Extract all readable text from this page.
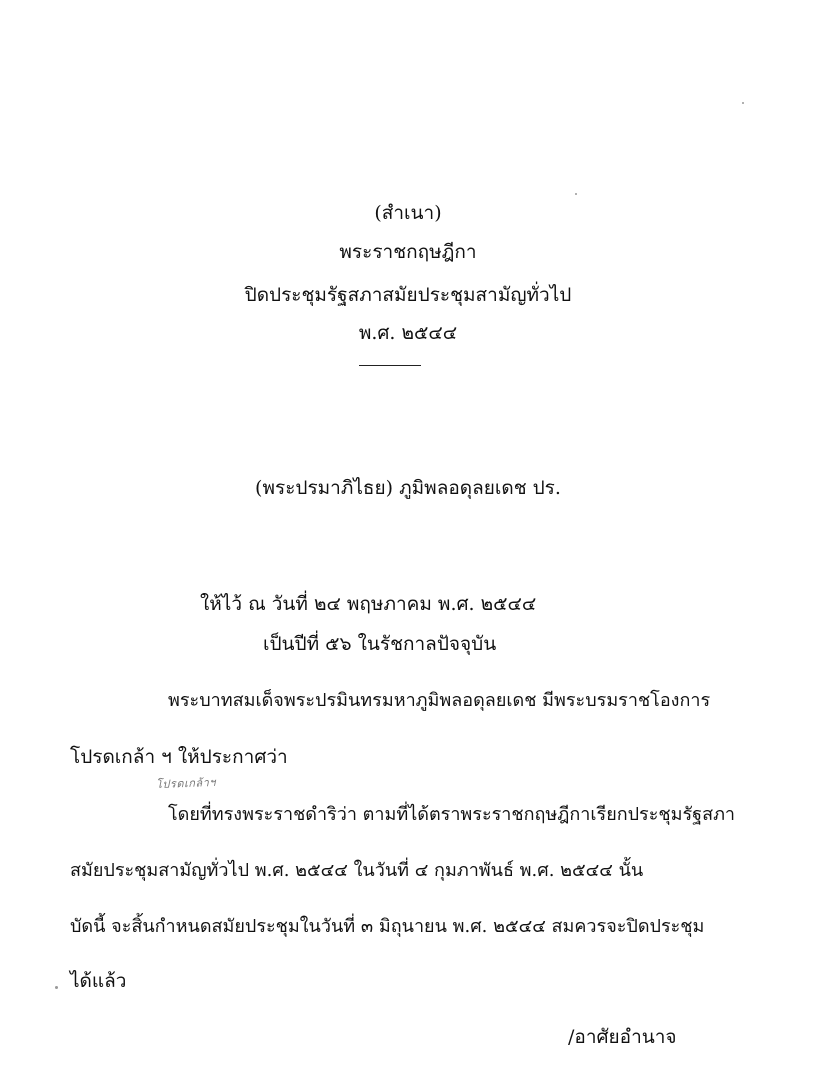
(สำเนา)
พระราชกฤษฎีกา
ปิดประชุมรัฐสภาสมัยประชุมสามัญทั่วไป
พ.ศ. ๒๕๔๔
(พระปรมาภิไธย) ภูมิพลอดุลยเดช ปร.
ให้ไว้ ณ วันที่ ๒๔ พฤษภาคม พ.ศ. ๒๕๔๔
เป็นปีที่ ๕๖ ในรัชกาลปัจจุบัน
พระบาทสมเด็จพระปรมินทรมหาภูมิพลอดุลยเดช มีพระบรมราชโองการ
โปรดเกล้า ฯ ให้ประกาศว่า
โปรดเกล้าฯ
โดยที่ทรงพระราชดำริว่า ตามที่ได้ตราพระราชกฤษฎีกาเรียกประชุมรัฐสภา
สมัยประชุมสามัญทั่วไป พ.ศ. ๒๕๔๔ ในวันที่ ๔ กุมภาพันธ์ พ.ศ. ๒๕๔๔ นั้น
บัดนี้ จะสิ้นกำหนดสมัยประชุมในวันที่ ๓ มิถุนายน พ.ศ. ๒๕๔๔ สมควรจะปิดประชุม
ได้แล้ว
/อาศัยอำนาจ
